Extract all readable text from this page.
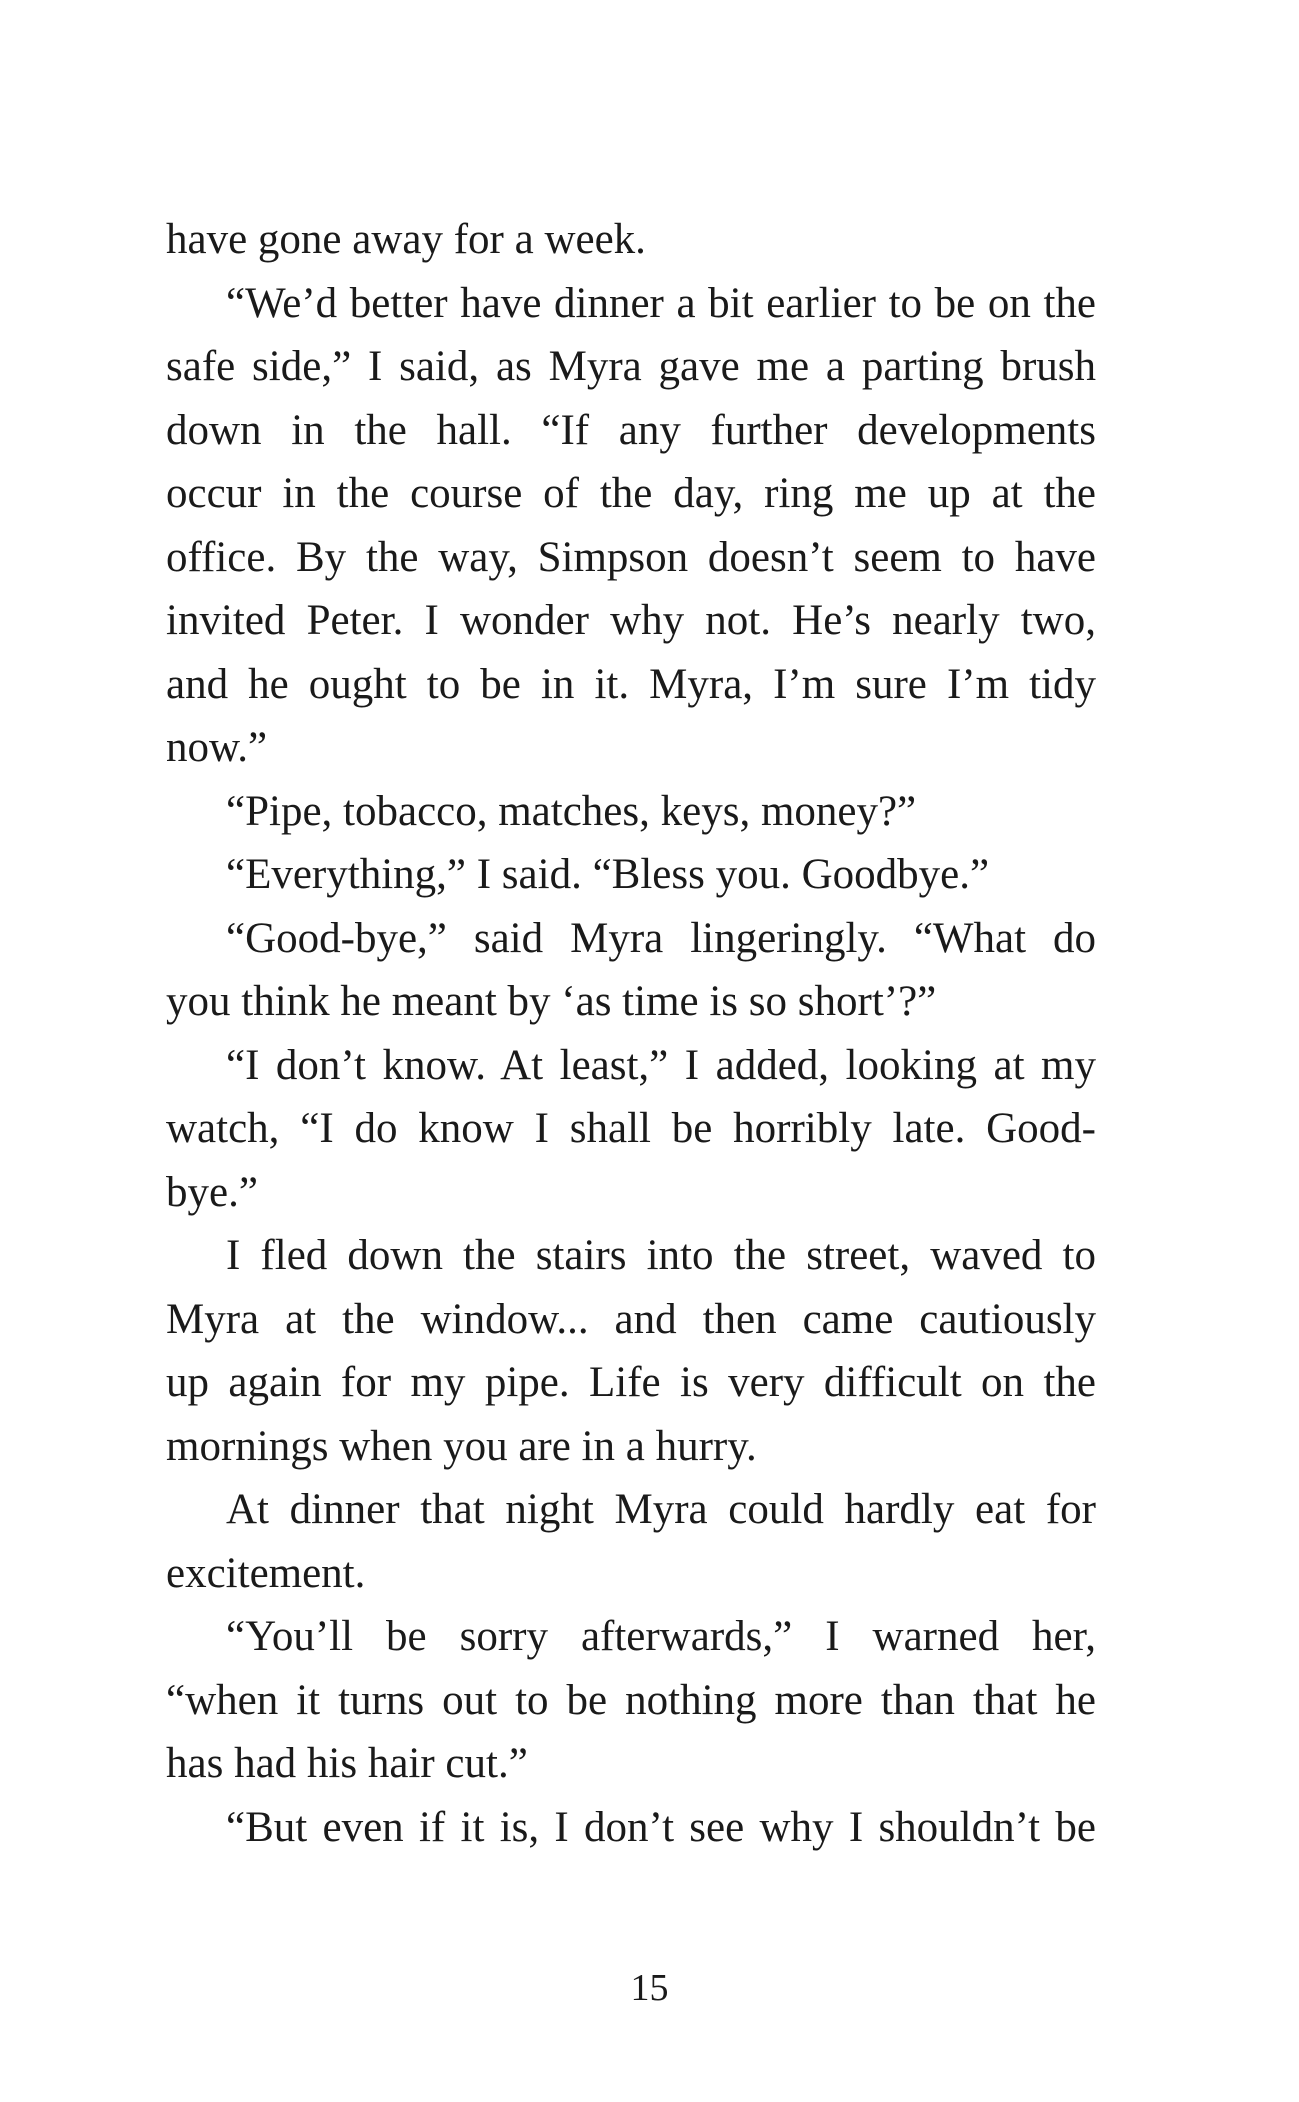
have gone away for a week.
“We’d better have dinner a bit earlier to be on the
safe side,” I said, as Myra gave me a parting brush
down in the hall. “If any further developments
occur in the course of the day, ring me up at the
office. By the way, Simpson doesn’t seem to have
invited Peter. I wonder why not. He’s nearly two,
and he ought to be in it. Myra, I’m sure I’m tidy
now.”
“Pipe, tobacco, matches, keys, money?”
“Everything,” I said. “Bless you. Goodbye.”
“Good-bye,” said Myra lingeringly. “What do
you think he meant by ‘as time is so short’?”
“I don’t know. At least,” I added, looking at my
watch, “I do know I shall be horribly late. Good-
bye.”
I fled down the stairs into the street, waved to
Myra at the window... and then came cautiously
up again for my pipe. Life is very difficult on the
mornings when you are in a hurry.
At dinner that night Myra could hardly eat for
excitement.
“You’ll be sorry afterwards,” I warned her,
“when it turns out to be nothing more than that he
has had his hair cut.”
“But even if it is, I don’t see why I shouldn’t be
15
